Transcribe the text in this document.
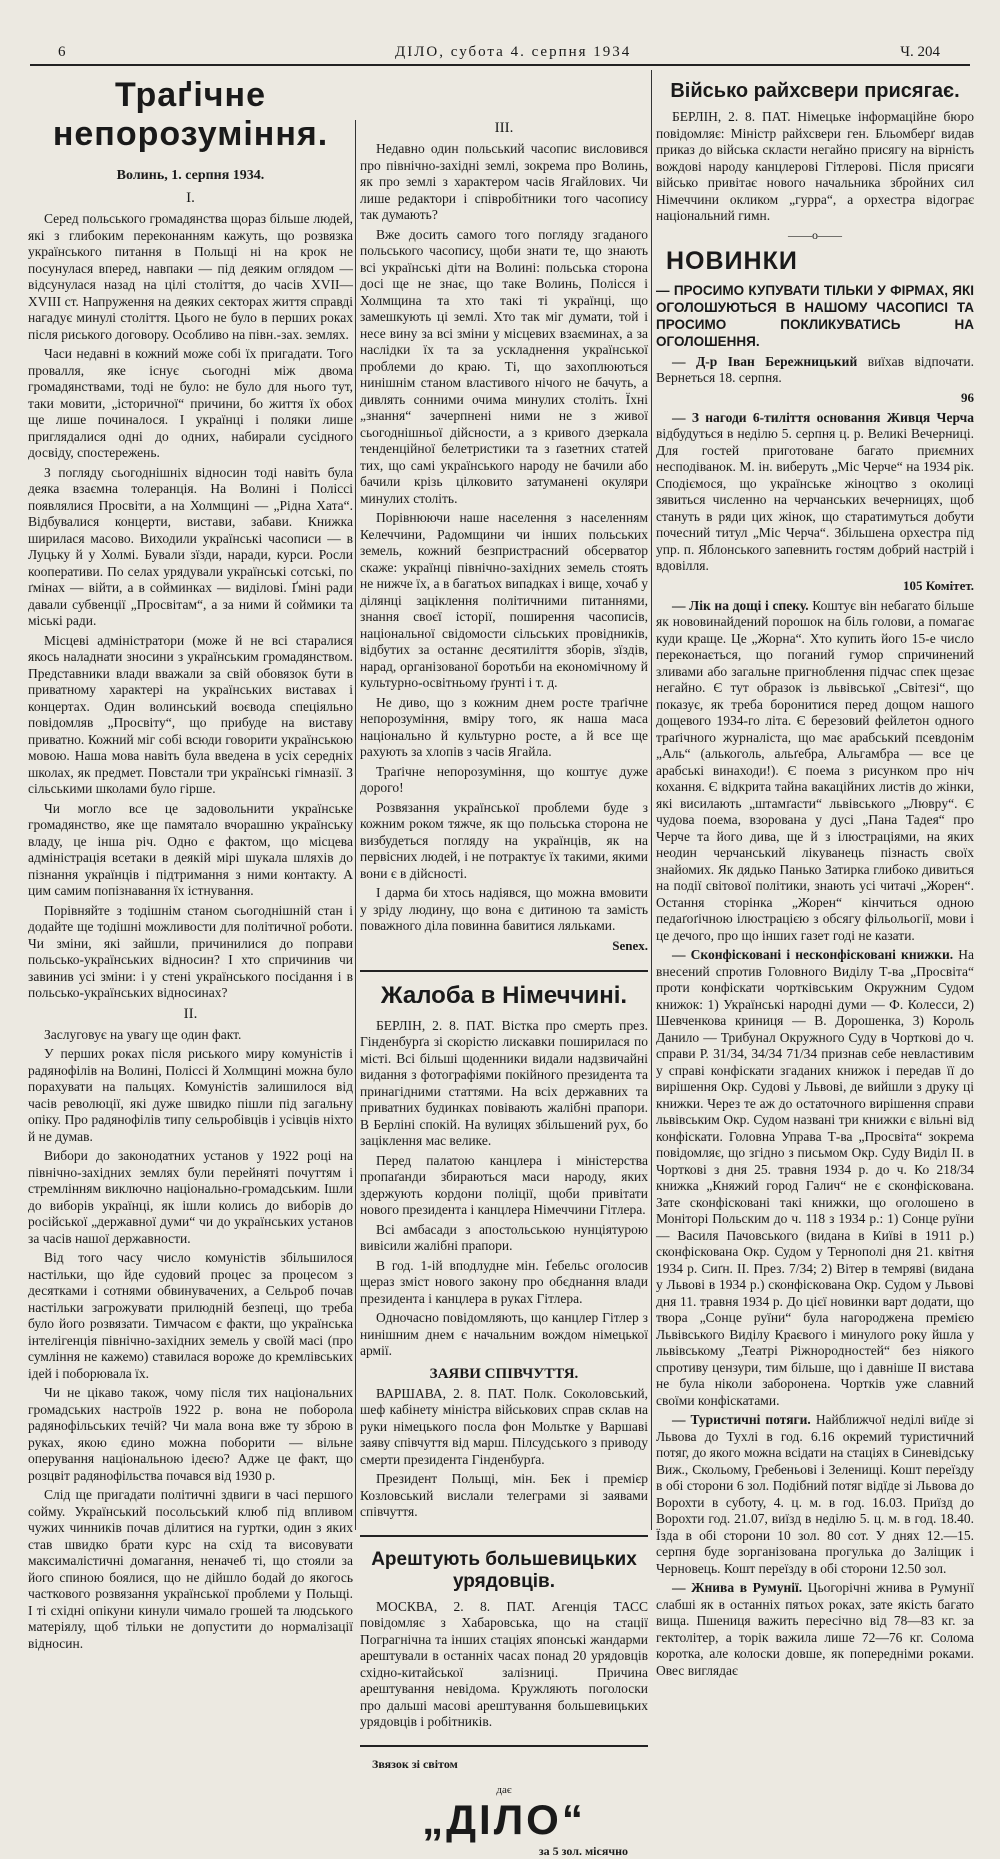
6	ДІЛО, субота 4. серпня 1934	Ч. 204
Траґічне непорозуміння.
Волинь, 1. серпня 1934.
I.

Серед польського громадянства щораз більше людей, які з глибоким переконанням кажуть, що розвязка українського питання в Польщі ні на крок не посунулася вперед, навпаки — під деяким оглядом — відсунулася назад на цілі століття, до часів XVII— XVIII ст. Напруження на деяких секторах життя справді нагадує минулі століття. Цього не було в перших роках після риського договору. Особливо на півн.-зах. землях.

Часи недавні в кожний може собі їх пригадати. Того провалля, яке існує сьогодні між двома громадянствами, тоді не було: не було для нього тут, таки мовити, „історичної“ причини, бо життя їх обох ще лише починалося. І українці і поляки лише приглядалися одні до одних, набирали сусідного досвіду, спостережень.

З погляду сьогоднішніх відносин тоді навіть була деяка взаємна толеранція. На Волині і Поліссі появлялися Просвіти, а на Холмщині — „Рідна Хата“. Відбувалися концерти, вистави, забави. Книжка ширилася масово. Виходили українські часописи — в Луцьку й у Холмі. Бували зїзди, наради, курси. Росли кооперативи. По селах урядували українські сотські, по ґмінах — війти, а в сойминках — виділові. Ґміні ради давали субвенції „Просвітам“, а за ними й соймики та міські ради.

Місцеві адміністратори (може й не всі старалися якось наладнати зносини з українським громадянством. Представники влади вважали за свій обовязок бути в приватному характері на українських виставах і концертах. Один волинський воєвода спеціяльно повідомляв „Просвіту“, що прибуде на виставу приватно. Кожний міг собі всюди говорити українською мовою. Наша мова навіть була введена в усіх середніх школах, як предмет. Повстали три українські гімназії. З сільськими школами було гірше.

Чи могло все це задовольнити українське громадянство, яке ще памятало вчорашню українську владу, це інша річ. Одно є фактом, що місцева адміністрація всетаки в деякій мірі шукала шляхів до пізнання українців і підтримання з ними контакту. А цим самим попізнавання їх істнування.

Порівняйте з тодішнім станом сьогоднішній стан і додайте ще тодішні можливости для політичної роботи. Чи зміни, які зайшли, причинилися до поправи польсько-українських відносин? І хто спричинив чи завинив усі зміни: і у стені українського посідання і в польсько-українських відносинах?

II.

Заслуговує на увагу ще один факт.

У перших роках після риського миру комуністів і радянофілів на Волині, Поліссі й Холмщині можна було порахувати на пальцях. Комуністів залишилося від часів революції, які дуже швидко пішли під загальну опіку. Про радянофілів типу сельробівців і усівців ніхто й не думав.

Вибори до законодатних установ у 1922 році на північно-західних землях були перейняті почуттям і стремлінням виключно національно-громадським. Ішли до виборів українці, як ішли колись до виборів до російської „державної думи“ чи до українських установ за часів нашої державности.

Від того часу число комуністів збільшилося настільки, що йде судовий процес за процесом з десятками і сотнями обвинувачених, а Сельроб почав настільки загрожувати прилюдній безпеці, що треба було його розвязати. Тимчасом є факти, що українська інтелігенція північно-західних земель у своїй масі (про сумління не кажемо) ставилася вороже до кремлівських ідей і поборювала їх.

Чи не цікаво також, чому після тих національних громадських настроїв 1922 р. вона не поборола радянофільських течій? Чи мала вона вже ту зброю в руках, якою єдино можна поборити — вільне оперування національною ідеєю? Адже це факт, що розцвіт радянофільства почався від 1930 р.

Слід ще пригадати політичні здвиги в часі першого сойму. Український посольський клюб під впливом чужих чинників почав ділитися на гуртки, один з яких став швидко брати курс на схід та висовувати максималістичні домагання, неначеб ті, що стояли за його спиною боялися, що не дійшло бодай до якогось часткового розвязання української проблеми у Польщі. І ті східні опікуни кинули чимало грошей та людського матеріялу, щоб тільки не допустити до нормалізації відносин.

III.

Недавно один польський часопис висловився про північно-західні землі, зокрема про Волинь, як про землі з характером часів Ягайлових. Чи лише редактори і співробітники того часопису так думають?

Вже досить самого того погляду згаданого польського часопису, щоби знати те, що знають всі українські діти на Волині: польська сторона досі ще не знає, що таке Волинь, Полісся і Холмщина та хто такі ті українці, що замешкують ці землі. Хто так міг думати, той і несе вину за всі зміни у місцевих взаєминах, а за наслідки їх та за ускладнення української проблеми до краю. Ті, що захоплюються нинішнім станом властивого нічого не бачуть, а дивлять сонними очима минулих століть. Їхні „знання“ зачерпнені ними не з живої сьогоднішньої дійсности, а з кривого дзеркала тенденційної белетристики та з ґазетних статей тих, що самі українського народу не бачили або бачили крізь цілковито затуманені окуляри минулих століть.

Порівнюючи наше населення з населенням Келеччини, Радомщини чи інших польських земель, кожний безпристрасний обсерватор скаже: українці північно-західних земель стоять не нижче їх, а в багатьох випадках і вище, хочаб у ділянці заціклення політичними питаннями, знання своєї історії, поширення часописів, національної свідомости сільських провідників, відбутих за останнє десятиліття зборів, зїздів, нарад, організованої боротьби на економічному й культурно-освітньому ґрунті і т. д.

Не диво, що з кожним днем росте траґічне непорозуміння, вміру того, як наша маса національно й культурно росте, а й все ще рахують за хлопів з часів Ягайла.

Траґічне непорозуміння, що коштує дуже дорого!

Розвязання української проблеми буде з кожним роком тяжче, як що польська сторона не визбудеться погляду на українців, як на первісних людей, і не потрактує їх такими, якими вони є в дійсності.

І дарма би хтось надіявся, що можна вмовити у зріду людину, що вона є дитиною та замість поважного діла повинна бавитися ляльками.

Senex.
Жалоба в Німеччині.

БЕРЛІН, 2. 8. ПАТ. Вістка про смерть през. Гінденбурґа зі скорістю лискавки поширилася по місті. Всі більші щоденники видали надзвичайні видання з фотографіями покійного президента та принагідними статтями. На всіх державних та приватних будинках повівають жалібні прапори. В Берліні спокій. На вулицях збільшений рух, бо заціклення мас велике.

Перед палатою канцлера і міністерства пропаґанди збираються маси народу, яких здержують кордони поліції, щоби привітати нового президента і канцлера Німеччини Гітлера.

Всі амбасади з апостольською нунціятурою вивісили жалібні прапори.

В год. 1-ій вподлудне мін. Ґебельс оголосив щераз зміст нового закону про обєднання влади президента і канцлера в руках Гітлера.

Одночасно повідомляють, що канцлер Гітлер з нинішним днем є начальним вождом німецької армії.

ЗАЯВИ СПІВЧУТТЯ.

ВАРШАВА, 2. 8. ПАТ. Полк. Соколовський, шеф кабінету міністра військових справ склав на руки німецького посла фон Мольтке у Варшаві заяву співчуття від марш. Пілсудського з приводу смерти президента Гінденбурґа.

Президент Польщі, мін. Бек і премієр Козловський вислали телеграми зі заявами співчуття.

Арештують большевицьких урядовців.

МОСКВА, 2. 8. ПАТ. Агенція ТАСС повідомляє з Хабаровська, що на стації Пограгнічна та інших стаціях японські жандарми арештували в останніх часах понад 20 урядовців східно-китайської залізниці. Причина арештування невідома. Кружляють поголоски про дальші масові арештування большевицьких урядовців і робітників.

Звязок зі світом
дає
„ДІЛО“
за 5 зол. місячно
Військо райхсвери присягає.

БЕРЛІН, 2. 8. ПАТ. Німецьке інформаційне бюро повідомляє: Міністр райхсвери ген. Бльомберґ видав приказ до війська скласти негайно присягу на вірність вождові народу канцлерові Гітлерові. Після присяги військо привітає нового начальника збройних сил Німеччини окликом „гурра“, а орхестра відограє національний гимн.

——o——
НОВИНКИ
— ПРОСИМО КУПУВАТИ ТІЛЬКИ У ФІРМАХ, ЯКІ ОГОЛОШУЮТЬСЯ В НАШОМУ ЧАСОПИСІ ТА ПРОСИМО ПОКЛИКУВАТИСЬ НА ОГОЛОШЕННЯ.

— Д-р Іван Бережницький виїхав відпочати. Вернеться 18. серпня.

96

— З нагоди 6-тиліття основання Живця Черча відбудуться в неділю 5. серпня ц. р. Великі Вечерниці. Для гостей приготоване багато приємних несподіванок. М. ін. виберуть „Міс Черче“ на 1934 рік. Сподіємося, що українське жіноцтво з околиці зявиться численно на черчанських вечерницях, щоб стануть в ряди цих жінок, що старатимуться добути почесний титул „Міс Черча“. Збільшена орхестра під упр. п. Яблонського запевнить гостям добрий настрій і вдовілля.

105 Комітет.

— Лік на дощі і спеку. Коштує він небагато більше як нововинайдений порошок на біль голови, а помагає куди краще. Це „Жорна“. Хто купить його 15-е число переконається, що поганий гумор спричинений зливами або загальне пригноблення підчас спек щезає негайно. Є тут образок із львівської „Світезі“, що показує, як треба боронитися перед дощом нашого дощевого 1934-го літа. Є березовий фейлетон одного траґічного журналіста, що має арабський псевдонім „Аль“ (алькоголь, альґебра, Альгамбра — все це арабські винаходи!). Є поема з рисунком про ніч кохання. Є відкрита тайна вакаційних листів до жінки, які висилають „штамґасти“ львівського „Люврy“. Є чудова поема, взорована у дусі „Пана Тадея“ про Черче та його дива, ще й з ілюстраціями, на яких неодин черчанський лікуванець пізнасть своїх знайомих. Як дядько Панько Затирка глибоко дивиться на події світової політики, знають усі читачі „Жорен“. Остання сторінка „Жорен“ кінчиться одною педаґоґічною ілюстрацією з обсягу фільольогії, мови і це дечого, про що інших газет годі не казати.

— Сконфісковані і несконфісковані книжки. На внесений спротив Головного Виділу Т-ва „Просвіта“ проти конфіскати чортківським Окружним Судом книжок: 1) Українські народні думи — Ф. Колесси, 2) Шевченкова криниця — В. Дорошенка, 3) Король Данило — Трибунал Окружного Суду в Чорткові до ч. справи Р. 31/34, 34/34 71/34 признав себе невластивим у справі конфіскати згаданих книжок і передав її до вирішення Окр. Судові у Львові, де вийшли з друку ці книжки. Через те аж до остаточного вирішення справи львівським Окр. Судом названі три книжки є вільні від конфіскати. Головна Управа Т-ва „Просвіта“ зокрема повідомляє, що згідно з письмом Окр. Суду Виділ II. в Чорткові з дня 25. травня 1934 р. до ч. Ко 218/34 книжка „Княжий город Галич“ не є сконфіскована. Зате сконфісковані такі книжки, що оголошено в Моніторі Польским до ч. 118 з 1934 р.: 1) Сонце руїни — Василя Пачовського (видана в Київі в 1911 р.) сконфіскована Окр. Судом у Тернополі дня 21. квітня 1934 р. Сиґн. II. През. 7/34; 2) Вітер в темряві (видана у Львові в 1934 р.) сконфіскована Окр. Судом у Львові дня 11. травня 1934 р. До цієї новинки варт додати, що твора „Сонце руїни“ була нагороджена премією Львівського Виділу Краєвого і минулого року йшла у львівському „Театрі Ріжнородностей“ без ніякого спротиву цензури, тим більше, що і давніше II вистава не була ніколи заборонена. Чортків уже славний своїми конфіскатами.

— Туристичні потяги. Найближчої неділі виїде зі Львова до Тухлі в год. 6.16 окремий туристичний потяг, до якого можна всідати на стаціях в Синевідську Виж., Скольому, Гребеньові і Зеленищі. Кошт переїзду в обі сторони 6 зол. Подібний потяг відїде зі Львова до Ворохти в суботу, 4. ц. м. в год. 16.03. Приїзд до Ворохти год. 21.07, виїзд в неділю 5. ц. м. в год. 18.40. Їзда в обі сторони 10 зол. 80 сот. У днях 12.—15. серпня буде зорганізована прогулька до Заліщик і Черновець. Кошт переїзду в обі сторони 12.50 зол.

— Жнива в Румунії. Цьогорічні жнива в Румунії слабші як в останніх пятьох роках, зате якість багато вища. Пшениця важить пересічно від 78—83 кг. за гектолітер, а торік важила лише 72—76 кг. Солома коротка, але колоски довше, як попередніми роками. Овес виглядає
